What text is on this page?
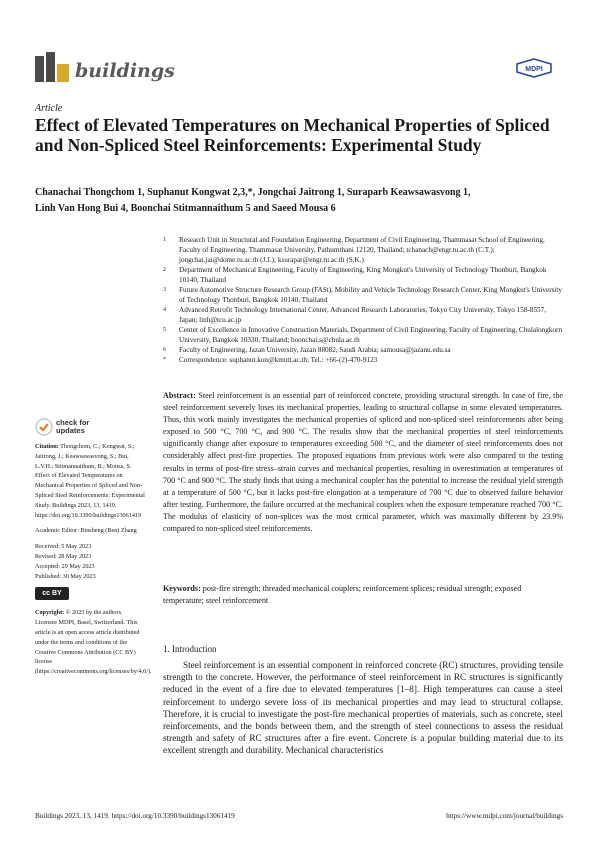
buildings	MDPI
Article
Effect of Elevated Temperatures on Mechanical Properties of Spliced and Non-Spliced Steel Reinforcements: Experimental Study
Chanachai Thongchom 1, Suphanut Kongwat 2,3,*, Jongchai Jaitrong 1, Suraparb Keawsawasvong 1,
Linh Van Hong Bui 4, Boonchai Stitmannaithum 5 and Saeed Mousa 6
1	Research Unit in Structural and Foundation Engineering, Department of Civil Engineering, Thammasat School of Engineering, Faculty of Engineering, Thammasat University, Pathumthani 12120, Thailand; tchanach@engr.tu.ac.th (C.T.); jongchai.jai@dome.tu.ac.th (J.J.); ksurapar@engr.tu.ac.th (S.K.)
2	Department of Mechanical Engineering, Faculty of Engineering, King Mongkut's University of Technology Thonburi, Bangkok 10140, Thailand
3	Future Automotive Structure Research Group (FASt), Mobility and Vehicle Technology Research Center, King Mongkut's University of Technology Thonburi, Bangkok 10140, Thailand
4	Advanced Retrofit Technology International Center, Advanced Research Laboratories, Tokyo City University, Tokyo 158-8557, Japan; linh@tcu.ac.jp
5	Center of Excellence in Innovative Construction Materials, Department of Civil Engineering, Faculty of Engineering, Chulalongkorn University, Bangkok 10330, Thailand; boonchai.s@chula.ac.th
6	Faculty of Engineering, Jazan University, Jazan 88082, Saudi Arabia; samousa@jazanu.edu.sa
*	Correspondence: suphanut.kon@kmutt.ac.th; Tel.: +66-(2)-470-9123
Abstract: Steel reinforcement is an essential part of reinforced concrete, providing structural strength. In case of fire, the steel reinforcement severely loses its mechanical properties, leading to structural collapse in some elevated temperatures. Thus, this work mainly investigates the mechanical properties of spliced and non-spliced steel reinforcements after being exposed to 500 °C, 700 °C, and 900 °C. The results show that the mechanical properties of steel reinforcements significantly change after exposure to temperatures exceeding 500 °C, and the diameter of steel reinforcements does not considerably affect post-fire properties. The proposed equations from previous work were also compared to the testing results in terms of post-fire stress–strain curves and mechanical properties, resulting in overestimation at temperatures of 700 °C and 900 °C. The study finds that using a mechanical coupler has the potential to increase the residual yield strength at a temperature of 500 °C, but it lacks post-fire elongation at a temperature of 700 °C due to observed failure behavior after testing. Furthermore, the failure occurred at the mechanical couplers when the exposure temperature reached 700 °C. The modulus of elasticity of non-splices was the most critical parameter, which was maximally different by 23.9% compared to non-spliced steel reinforcements.
Keywords: post-fire strength; threaded mechanical couplers; reinforcement splices; residual strength; exposed temperature; steel reinforcement
check for
updates
Citation: Thongchom, C.; Kongwat, S.; Jaitrong, J.; Keawsawasvong, S.; Bui, L.V.H.; Stitmannaithum, B.; Mousa, S. Effect of Elevated Temperatures on Mechanical Properties of Spliced and Non-Spliced Steel Reinforcements: Experimental Study. Buildings 2023, 13, 1419. https://doi.org/10.3390/buildings13061419
Academic Editor: Binsheng (Ben) Zhang
Received: 5 May 2023
Revised: 28 May 2023
Accepted: 29 May 2023
Published: 30 May 2023
cc BY
Copyright: © 2023 by the authors. Licensee MDPI, Basel, Switzerland. This article is an open access article distributed under the terms and conditions of the Creative Commons Attribution (CC BY) license (https://creativecommons.org/licenses/by/4.0/).
1. Introduction
Steel reinforcement is an essential component in reinforced concrete (RC) structures, providing tensile strength to the concrete. However, the performance of steel reinforcement in RC structures is significantly reduced in the event of a fire due to elevated temperatures [1–8]. High temperatures can cause a steel reinforcement to undergo severe loss of its mechanical properties and may lead to structural collapse. Therefore, it is crucial to investigate the post-fire mechanical properties of materials, such as concrete, steel reinforcements, and the bonds between them, and the strength of steel connections to assess the residual strength and safety of RC structures after a fire event. Concrete is a popular building material due to its excellent strength and durability. Mechanical characteristics
Buildings 2023, 13, 1419. https://doi.org/10.3390/buildings13061419	https://www.mdpi.com/journal/buildings
